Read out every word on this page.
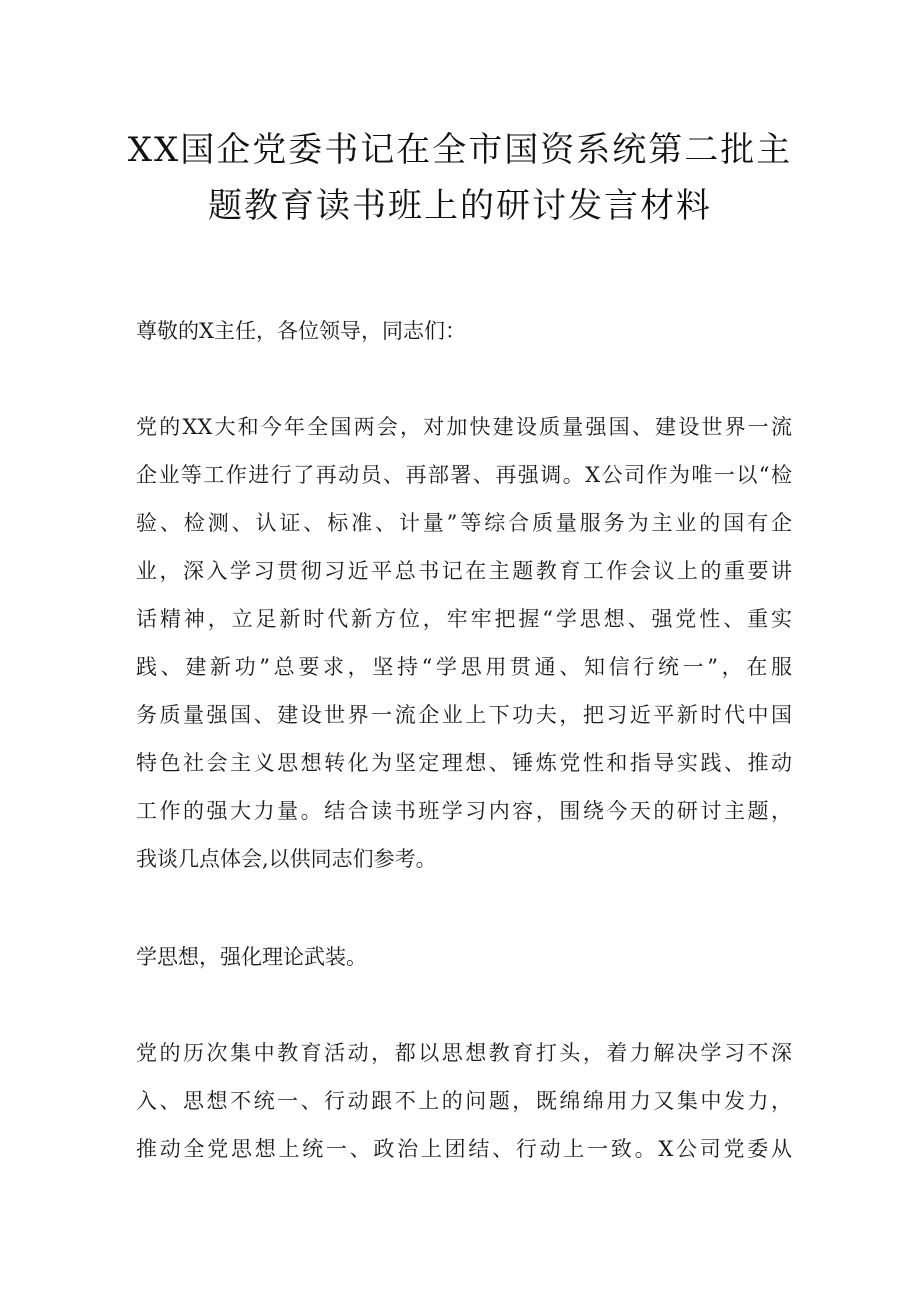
XX国企党委书记在全市国资系统第二批主
题教育读书班上的研讨发言材料

尊敬的X主任，各位领导，同志们：

党的XX大和今年全国两会，对加快建设质量强国、建设世界一流
企业等工作进行了再动员、再部署、再强调。X公司作为唯一以“检
验、检测、认证、标准、计量”等综合质量服务为主业的国有企
业，深入学习贯彻习近平总书记在主题教育工作会议上的重要讲
话精神，立足新时代新方位，牢牢把握“学思想、强党性、重实
践、建新功”总要求，坚持“学思用贯通、知信行统一”，在服
务质量强国、建设世界一流企业上下功夫，把习近平新时代中国
特色社会主义思想转化为坚定理想、锤炼党性和指导实践、推动
工作的强大力量。结合读书班学习内容，围绕今天的研讨主题，
我谈几点体会,以供同志们参考。

学思想，强化理论武装。

党的历次集中教育活动，都以思想教育打头，着力解决学习不深
入、思想不统一、行动跟不上的问题，既绵绵用力又集中发力，
推动全党思想上统一、政治上团结、行动上一致。X公司党委从
